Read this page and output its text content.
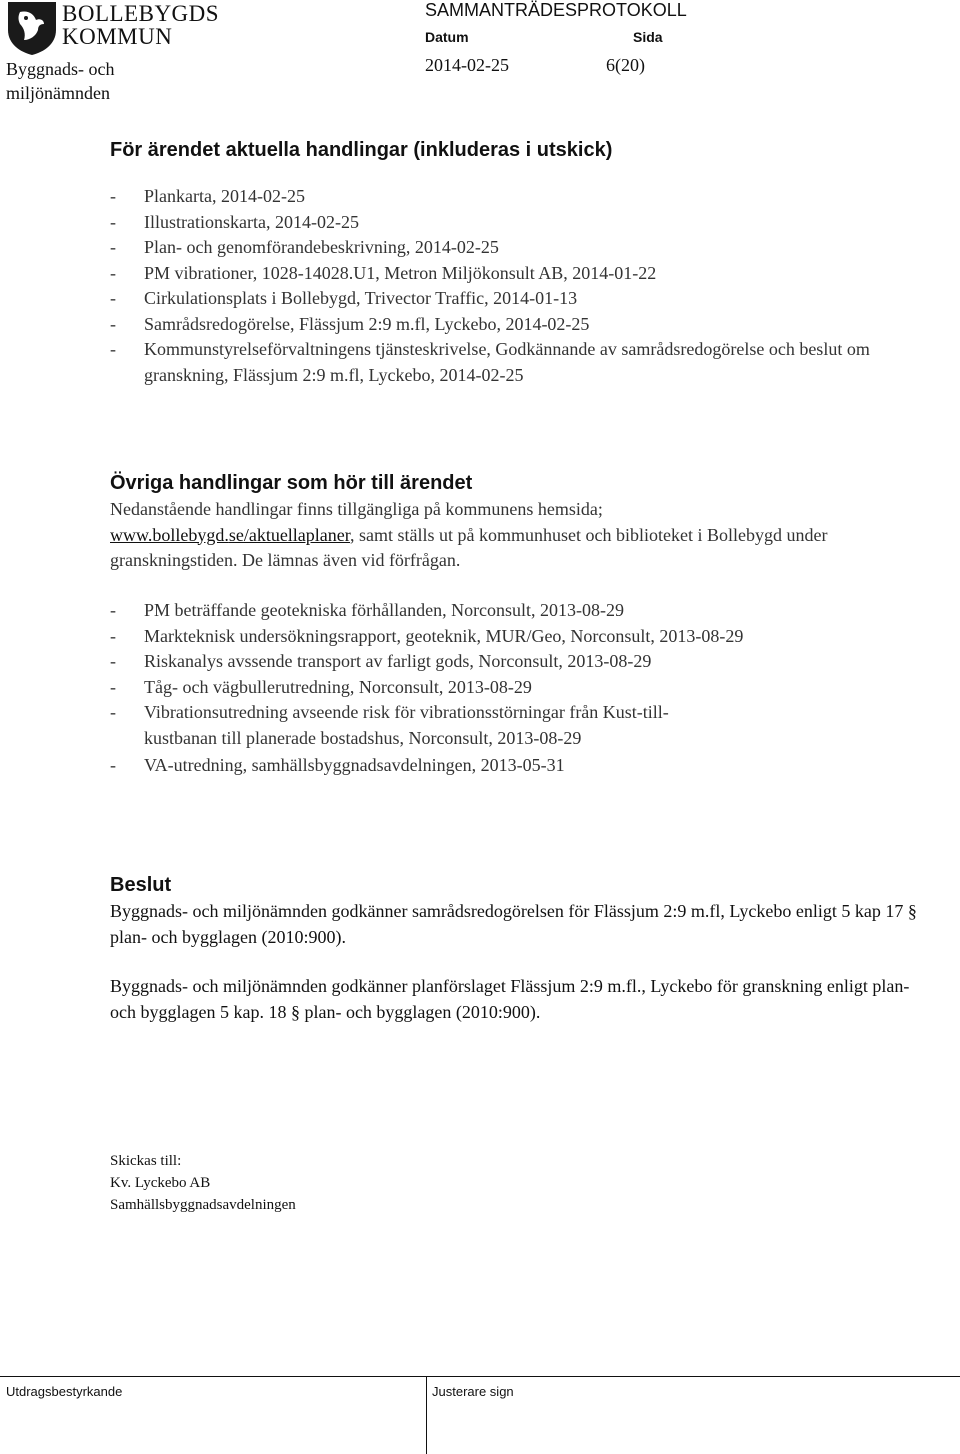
BOLLEBYGDS
KOMMUN
Byggnads- och
miljönämnden
SAMMANTRÄDESPROTOKOLL
Datum	Sida
2014-02-25	6(20)
För ärendet aktuella handlingar (inkluderas i utskick)
- Plankarta, 2014-02-25
- Illustrationskarta, 2014-02-25
- Plan- och genomförandebeskrivning, 2014-02-25
- PM vibrationer, 1028-14028.U1, Metron Miljökonsult AB, 2014-01-22
- Cirkulationsplats i Bollebygd, Trivector Traffic, 2014-01-13
- Samrådsredogörelse, Flässjum 2:9 m.fl, Lyckebo, 2014-02-25
- Kommunstyrelseförvaltningens tjänsteskrivelse, Godkännande av samrådsredogörelse och beslut om granskning, Flässjum 2:9 m.fl, Lyckebo, 2014-02-25
Övriga handlingar som hör till ärendet
Nedanstående handlingar finns tillgängliga på kommunens hemsida;
www.bollebygd.se/aktuellaplaner, samt ställs ut på kommunhuset och biblioteket i Bollebygd under granskningstiden. De lämnas även vid förfrågan.
- PM beträffande geotekniska förhållanden, Norconsult, 2013-08-29
- Markteknisk undersökningsrapport, geoteknik, MUR/Geo, Norconsult, 2013-08-29
- Riskanalys avssende transport av farligt gods, Norconsult, 2013-08-29
- Tåg- och vägbullerutredning, Norconsult, 2013-08-29
- Vibrationsutredning avseende risk för vibrationsstörningar från Kust-till-kustbanan till planerade bostadshus, Norconsult, 2013-08-29
- VA-utredning, samhällsbyggnadsavdelningen, 2013-05-31
Beslut
Byggnads- och miljönämnden godkänner samrådsredogörelsen för Flässjum 2:9 m.fl, Lyckebo enligt 5 kap 17 § plan- och bygglagen (2010:900).
Byggnads- och miljönämnden godkänner planförslaget Flässjum 2:9 m.fl., Lyckebo för granskning enligt plan- och bygglagen 5 kap. 18 § plan- och bygglagen (2010:900).
Skickas till:
Kv. Lyckebo AB
Samhällsbyggnadsavdelningen
Utdragsbestyrkande	Justerare sign
